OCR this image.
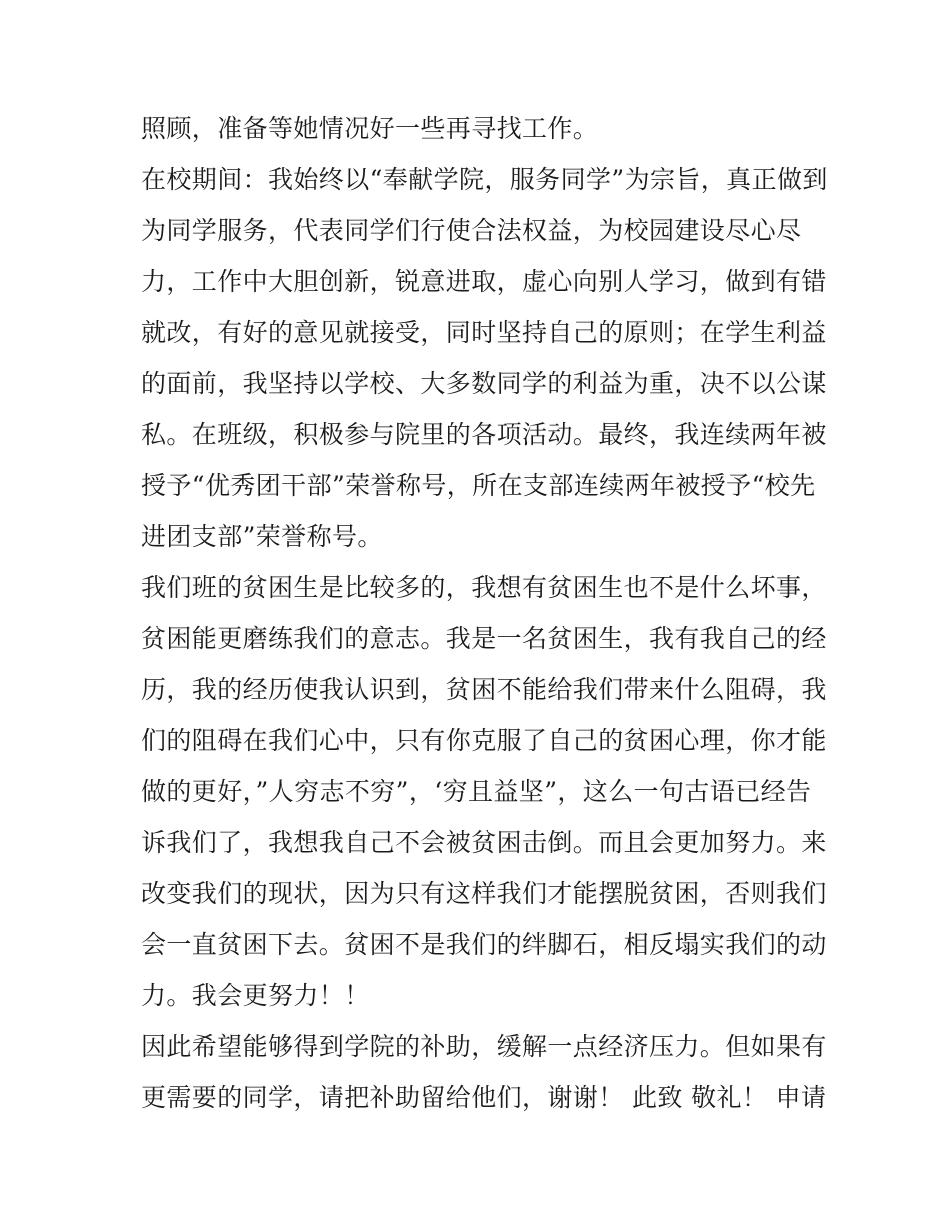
照顾，准备等她情况好一些再寻找工作。

在校期间：我始终以“奉献学院，服务同学”为宗旨，真正做到

为同学服务，代表同学们行使合法权益，为校园建设尽心尽

力，工作中大胆创新，锐意进取，虚心向别人学习，做到有错

就改，有好的意见就接受，同时坚持自己的原则；在学生利益

的面前，我坚持以学校、大多数同学的利益为重，决不以公谋

私。在班级，积极参与院里的各项活动。最终，我连续两年被

授予“优秀团干部”荣誉称号，所在支部连续两年被授予“校先

进团支部”荣誉称号。

我们班的贫困生是比较多的，我想有贫困生也不是什么坏事，

贫困能更磨练我们的意志。我是一名贫困生，我有我自己的经

历，我的经历使我认识到，贫困不能给我们带来什么阻碍，我

们的阻碍在我们心中，只有你克服了自己的贫困心理，你才能

做的更好，”人穷志不穷”，‘穷且益坚”，这么一句古语已经告

诉我们了，我想我自己不会被贫困击倒。而且会更加努力。来

改变我们的现状，因为只有这样我们才能摆脱贫困，否则我们

会一直贫困下去。贫困不是我们的绊脚石，相反塌实我们的动

力。我会更努力！！

因此希望能够得到学院的补助，缓解一点经济压力。但如果有

更需要的同学，请把补助留给他们，谢谢！ 此致 敬礼！ 申请
